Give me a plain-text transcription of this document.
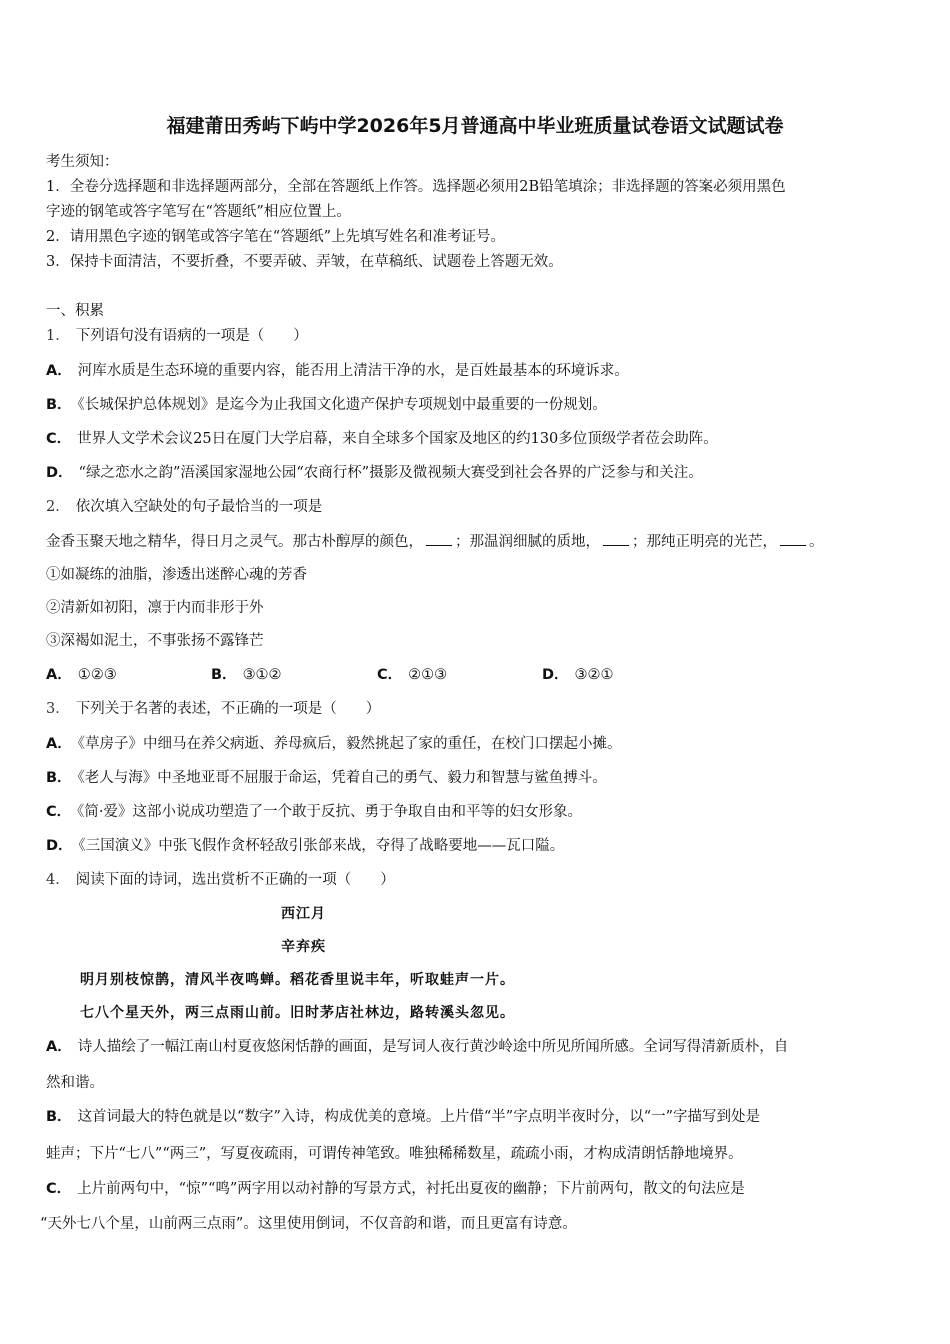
福建莆田秀屿下屿中学2026年5月普通高中毕业班质量试卷语文试题试卷
考生须知：
1．全卷分选择题和非选择题两部分，全部在答题纸上作答。选择题必须用2B铅笔填涂；非选择题的答案必须用黑色
字迹的钢笔或答字笔写在“答题纸”相应位置上。
2．请用黑色字迹的钢笔或答字笔在“答题纸”上先填写姓名和准考证号。
3．保持卡面清洁，不要折叠，不要弄破、弄皱，在草稿纸、试题卷上答题无效。
一、积累
1． 下列语句没有语病的一项是（　　）
A． 河库水质是生态环境的重要内容，能否用上清洁干净的水，是百姓最基本的环境诉求。
B． 《长城保护总体规划》是迄今为止我国文化遗产保护专项规划中最重要的一份规划。
C． 世界人文学术会议25日在厦门大学启幕，来自全球多个国家及地区的约130多位顶级学者莅会助阵。
D． “绿之恋水之韵”浯溪国家湿地公园“农商行杯”摄影及微视频大赛受到社会各界的广泛参与和关注。
2． 依次填入空缺处的句子最恰当的一项是
金香玉聚天地之精华，得日月之灵气。那古朴醇厚的颜色， ；那温润细腻的质地， ；那纯正明亮的光芒， 。
①如凝练的油脂，渗透出迷醉心魂的芳香
②清新如初阳，凛于内而非形于外
③深褐如泥土，不事张扬不露锋芒
A． ①②③	B． ③①②	C． ②①③	D． ③②①
3． 下列关于名著的表述，不正确的一项是（　　）
A． 《草房子》中细马在养父病逝、养母疯后，毅然挑起了家的重任，在校门口摆起小摊。
B． 《老人与海》中圣地亚哥不屈服于命运，凭着自己的勇气、毅力和智慧与鲨鱼搏斗。
C． 《简·爱》这部小说成功塑造了一个敢于反抗、勇于争取自由和平等的妇女形象。
D． 《三国演义》中张飞假作贪杯轻敌引张郃来战，夺得了战略要地——瓦口隘。
4． 阅读下面的诗词，选出赏析不正确的一项（　　）
西江月
辛弃疾
明月别枝惊鹊，清风半夜鸣蝉。稻花香里说丰年，听取蛙声一片。
七八个星天外，两三点雨山前。旧时茅店社林边，路转溪头忽见。
A． 诗人描绘了一幅江南山村夏夜悠闲恬静的画面，是写词人夜行黄沙岭途中所见所闻所感。全词写得清新质朴，自
然和谐。
B． 这首词最大的特色就是以“数字”入诗，构成优美的意境。上片借“半”字点明半夜时分，以“一”字描写到处是
蛙声；下片“七八”“两三”，写夏夜疏雨，可谓传神笔致。唯独稀稀数星，疏疏小雨，才构成清朗恬静地境界。
C． 上片前两句中，“惊”“鸣”两字用以动衬静的写景方式，衬托出夏夜的幽静；下片前两句，散文的句法应是
“天外七八个星，山前两三点雨”。这里使用倒词，不仅音韵和谐，而且更富有诗意。
